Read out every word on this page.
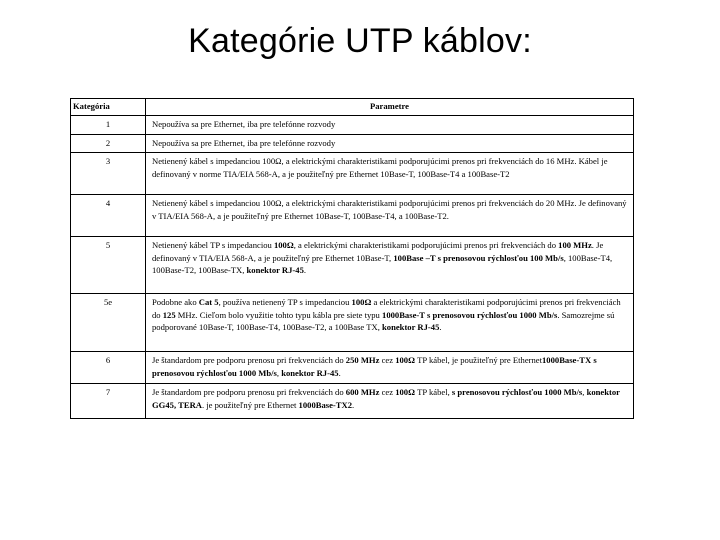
Kategórie UTP káblov:
Kategória	Parametre
1	Nepoužíva sa pre Ethernet, iba pre telefónne rozvody
2	Nepoužíva sa pre Ethernet, iba pre telefónne rozvody
3	Netienený kábel s impedanciou 100Ω, a elektrickými charakteristikami podporujúcimi prenos pri frekvenciách do 16 MHz. Kábel je definovaný v norme TIA/EIA 568-A, a je použiteľný pre Ethernet 10Base-T, 100Base-T4 a 100Base-T2
4	Netienený kábel s impedanciou 100Ω, a elektrickými charakteristikami podporujúcimi prenos pri frekvenciách do 20 MHz. Je definovaný v TIA/EIA 568-A, a je použiteľný pre Ethernet 10Base-T, 100Base-T4, a 100Base-T2.
5	Netienený kábel TP s impedanciou 100Ω, a elektrickými charakteristikami podporujúcimi prenos pri frekvenciách do 100 MHz. Je definovaný v TIA/EIA 568-A, a je použiteľný pre Ethernet 10Base-T, 100Base –T s prenosovou rýchlosťou 100 Mb/s, 100Base-T4, 100Base-T2, 100Base-TX, konektor RJ-45.
5e	Podobne ako Cat 5, používa netienený TP s impedanciou 100Ω a elektrickými charakteristikami podporujúcimi prenos pri frekvenciách do 125 MHz. Cieľom bolo využitie tohto typu kábla pre siete typu 1000Base-T s prenosovou rýchlosťou 1000 Mb/s. Samozrejme sú podporované 10Base-T, 100Base-T4, 100Base-T2, a 100Base TX, konektor RJ-45.
6	Je štandardom pre podporu prenosu pri frekvenciách do 250 MHz cez 100Ω TP kábel, je použiteľný pre Ethernet1000Base-TX s prenosovou rýchlosťou 1000 Mb/s, konektor RJ-45.
7	Je štandardom pre podporu prenosu pri frekvenciách do 600 MHz cez 100Ω TP kábel, s prenosovou rýchlosťou 1000 Mb/s, konektor GG45, TERA. je použiteľný pre Ethernet 1000Base-TX2.
